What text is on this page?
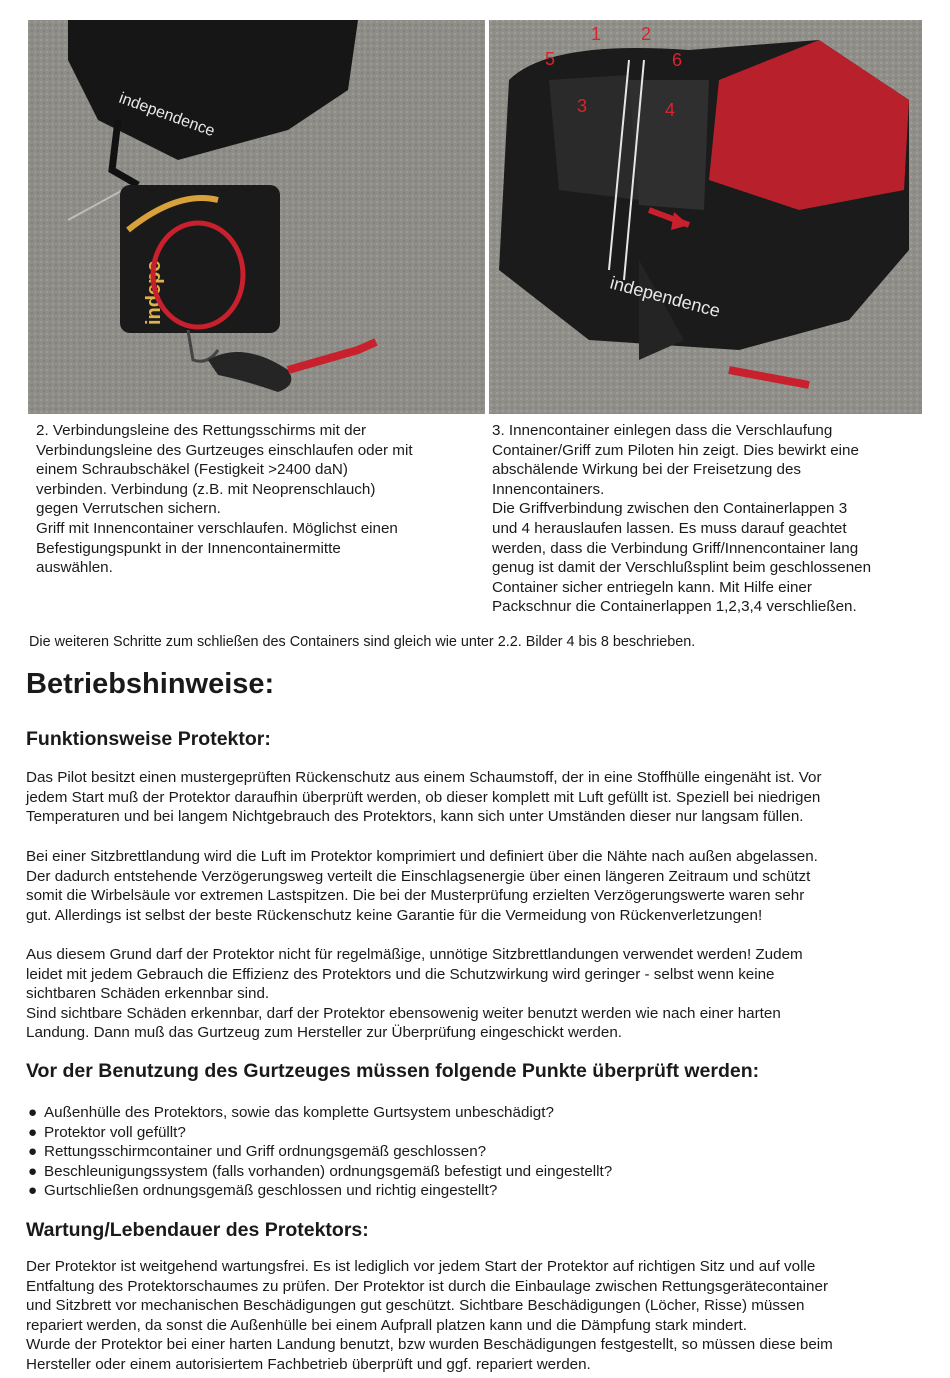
independence
indepe	independence
1 2
3	4
5	6

2. Verbindungsleine des Rettungsschirms mit der

Verbindungsleine des Gurtzeuges einschlaufen oder mit

einem Schraubschäkel (Festigkeit >2400 daN)

verbinden. Verbindung (z.B. mit Neoprenschlauch)

gegen Verrutschen sichern.

Griff mit Innencontainer verschlaufen. Möglichst einen

Befestigungspunkt in der Innencontainermitte

auswählen.

3. Innencontainer einlegen dass die Verschlaufung

Container/Griff zum Piloten hin zeigt. Dies bewirkt eine

abschälende Wirkung bei der Freisetzung des

Innencontainers.

Die Griffverbindung zwischen den Containerlappen 3

und 4 herauslaufen lassen. Es muss darauf geachtet

werden, dass die Verbindung Griff/Innencontainer lang

genug ist damit der Verschlußsplint beim geschlossenen

Container sicher entriegeln kann. Mit Hilfe einer

Packschnur die Containerlappen 1,2,3,4 verschließen.

Die weiteren Schritte zum schließen des Containers sind gleich wie unter 2.2. Bilder 4 bis 8 beschrieben.
Betriebshinweise:
Funktionsweise Protektor:
Das Pilot besitzt einen mustergeprüften Rückenschutz aus einem Schaumstoff, der in eine Stoffhülle eingenäht ist. Vor
jedem Start muß der Protektor daraufhin überprüft werden, ob dieser komplett mit Luft gefüllt ist. Speziell bei niedrigen
Temperaturen und bei langem Nichtgebrauch des Protektors, kann sich unter Umständen dieser nur langsam füllen.
Bei einer Sitzbrettlandung wird die Luft im Protektor komprimiert und definiert über die Nähte nach außen abgelassen.
Der dadurch entstehende Verzögerungsweg verteilt die Einschlagsenergie über einen längeren Zeitraum und schützt
somit die Wirbelsäule vor extremen Lastspitzen. Die bei der Musterprüfung erzielten Verzögerungswerte waren sehr
gut. Allerdings ist selbst der beste Rückenschutz keine Garantie für die Vermeidung von Rückenverletzungen!
Aus diesem Grund darf der Protektor nicht für regelmäßige, unnötige Sitzbrettlandungen verwendet werden! Zudem
leidet mit jedem Gebrauch die Effizienz des Protektors und die Schutzwirkung wird geringer - selbst wenn keine
sichtbaren Schäden erkennbar sind.
Sind sichtbare Schäden erkennbar, darf der Protektor ebensowenig weiter benutzt werden wie nach einer harten
Landung. Dann muß das Gurtzeug zum Hersteller zur Überprüfung eingeschickt werden.
Vor der Benutzung des Gurtzeuges müssen folgende Punkte überprüft werden:
● Außenhülle des Protektors, sowie das komplette Gurtsystem unbeschädigt?
● Protektor voll gefüllt?
● Rettungsschirmcontainer und Griff ordnungsgemäß geschlossen?
● Beschleunigungssystem (falls vorhanden) ordnungsgemäß befestigt und eingestellt?
● Gurtschließen ordnungsgemäß geschlossen und richtig eingestellt?
Wartung/Lebendauer des Protektors:
Der Protektor ist weitgehend wartungsfrei. Es ist lediglich vor jedem Start der Protektor auf richtigen Sitz und auf volle
Entfaltung des Protektorschaumes zu prüfen. Der Protektor ist durch die Einbaulage zwischen Rettungsgerätecontainer
und Sitzbrett vor mechanischen Beschädigungen gut geschützt. Sichtbare Beschädigungen (Löcher, Risse) müssen
repariert werden, da sonst die Außenhülle bei einem Aufprall platzen kann und die Dämpfung stark mindert.
Wurde der Protektor bei einer harten Landung benutzt, bzw wurden Beschädigungen festgestellt, so müssen diese beim
Hersteller oder einem autorisiertem Fachbetrieb überprüft und ggf. repariert werden.
